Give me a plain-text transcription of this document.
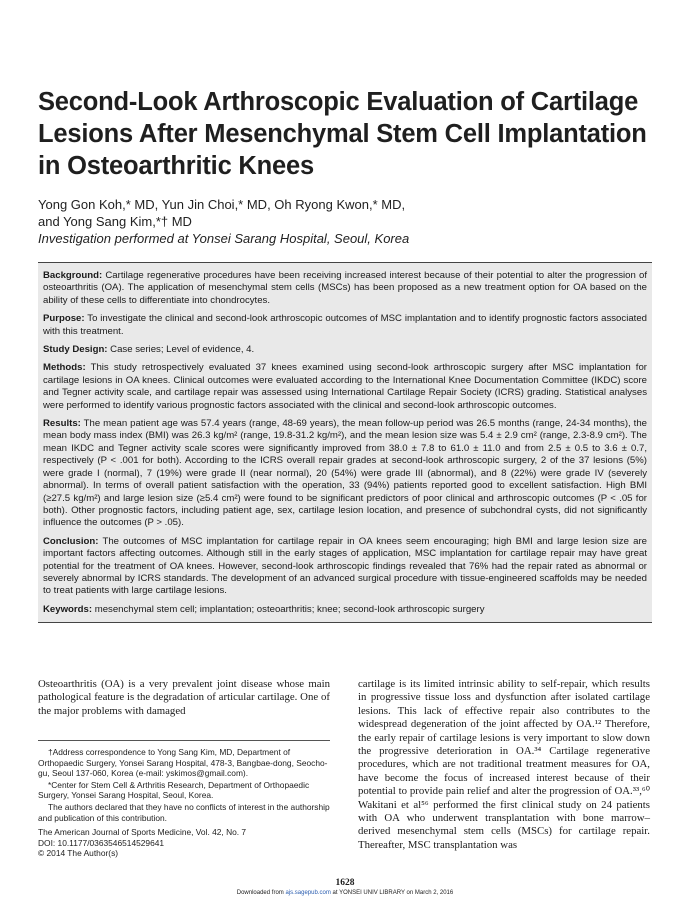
Second-Look Arthroscopic Evaluation of Cartilage Lesions After Mesenchymal Stem Cell Implantation in Osteoarthritic Knees
Yong Gon Koh,* MD, Yun Jin Choi,* MD, Oh Ryong Kwon,* MD,
and Yong Sang Kim,*† MD
Investigation performed at Yonsei Sarang Hospital, Seoul, Korea

Background: Cartilage regenerative procedures have been receiving increased interest because of their potential to alter the progression of osteoarthritis (OA). The application of mesenchymal stem cells (MSCs) has been proposed as a new treatment option for OA based on the ability of these cells to differentiate into chondrocytes.

Purpose: To investigate the clinical and second-look arthroscopic outcomes of MSC implantation and to identify prognostic factors associated with this treatment.

Study Design: Case series; Level of evidence, 4.

Methods: This study retrospectively evaluated 37 knees examined using second-look arthroscopic surgery after MSC implantation for cartilage lesions in OA knees. Clinical outcomes were evaluated according to the International Knee Documentation Committee (IKDC) score and Tegner activity scale, and cartilage repair was assessed using International Cartilage Repair Society (ICRS) grading. Statistical analyses were performed to identify various prognostic factors associated with the clinical and second-look arthroscopic outcomes.

Results: The mean patient age was 57.4 years (range, 48-69 years), the mean follow-up period was 26.5 months (range, 24-34 months), the mean body mass index (BMI) was 26.3 kg/m² (range, 19.8-31.2 kg/m²), and the mean lesion size was 5.4 ± 2.9 cm² (range, 2.3-8.9 cm²). The mean IKDC and Tegner activity scale scores were significantly improved from 38.0 ± 7.8 to 61.0 ± 11.0 and from 2.5 ± 0.5 to 3.6 ± 0.7, respectively (P < .001 for both). According to the ICRS overall repair grades at second-look arthroscopic surgery, 2 of the 37 lesions (5%) were grade I (normal), 7 (19%) were grade II (near normal), 20 (54%) were grade III (abnormal), and 8 (22%) were grade IV (severely abnormal). In terms of overall patient satisfaction with the operation, 33 (94%) patients reported good to excellent satisfaction. High BMI (≥27.5 kg/m²) and large lesion size (≥5.4 cm²) were found to be significant predictors of poor clinical and arthroscopic outcomes (P < .05 for both). Other prognostic factors, including patient age, sex, cartilage lesion location, and presence of subchondral cysts, did not significantly influence the outcomes (P > .05).

Conclusion: The outcomes of MSC implantation for cartilage repair in OA knees seem encouraging; high BMI and large lesion size are important factors affecting outcomes. Although still in the early stages of application, MSC implantation for cartilage repair may have great potential for the treatment of OA knees. However, second-look arthroscopic findings revealed that 76% had the repair rated as abnormal or severely abnormal by ICRS standards. The development of an advanced surgical procedure with tissue-engineered scaffolds may be needed to treat patients with large cartilage lesions.

Keywords: mesenchymal stem cell; implantation; osteoarthritis; knee; second-look arthroscopic surgery

Osteoarthritis (OA) is a very prevalent joint disease whose main pathological feature is the degradation of articular cartilage. One of the major problems with damaged

†Address correspondence to Yong Sang Kim, MD, Department of Orthopaedic Surgery, Yonsei Sarang Hospital, 478-3, Bangbae-dong, Seocho-gu, Seoul 137-060, Korea (e-mail: yskimos@gmail.com).

*Center for Stem Cell & Arthritis Research, Department of Orthopaedic Surgery, Yonsei Sarang Hospital, Seoul, Korea.

The authors declared that they have no conflicts of interest in the authorship and publication of this contribution.

The American Journal of Sports Medicine, Vol. 42, No. 7
DOI: 10.1177/0363546514529641
© 2014 The Author(s)

cartilage is its limited intrinsic ability to self-repair, which results in progressive tissue loss and dysfunction after isolated cartilage lesions. This lack of effective repair also contributes to the widespread degeneration of the joint affected by OA.¹² Therefore, the early repair of cartilage lesions is very important to slow down the progressive deterioration in OA.³⁴ Cartilage regenerative procedures, which are not traditional treatment measures for OA, have become the focus of increased interest because of their potential to provide pain relief and alter the progression of OA.³³,⁶⁰ Wakitani et al⁵⁶ performed the first clinical study on 24 patients with OA who underwent transplantation with bone marrow–derived mesenchymal stem cells (MSCs) for cartilage repair. Thereafter, MSC transplantation was

1628
Downloaded from ajs.sagepub.com at YONSEI UNIV LIBRARY on March 2, 2016
